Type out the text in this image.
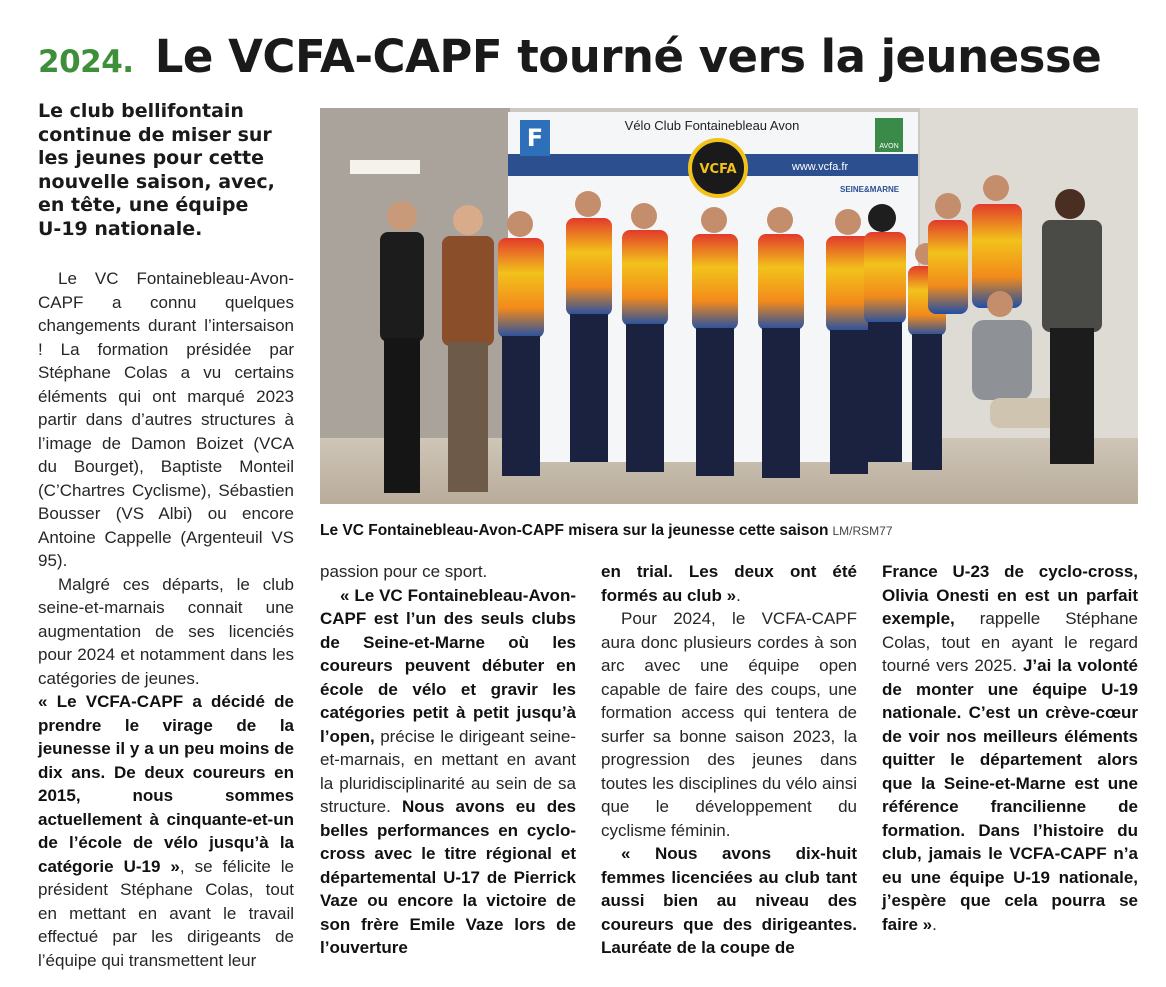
2024. Le VCFA-CAPF tourné vers la jeunesse
Le club bellifontain continue de miser sur les jeunes pour cette nouvelle saison, avec, en tête, une équipe U-19 nationale.
F	Vélo Club Fontainebleau Avon
www.vcfa.fr
SEINE&MARNE
VCFA
AVON
Le VC Fontainebleau-Avon-CAPF misera sur la jeunesse cette saison LM/RSM77

Le VC Fontainebleau-Avon-CAPF a connu quelques changements durant l’intersaison ! La formation présidée par Stéphane Colas a vu certains éléments qui ont marqué 2023 partir dans d’autres structures à l’image de Damon Boizet (VCA du Bourget), Baptiste Monteil (C’Chartres Cyclisme), Sébastien Bousser (VS Albi) ou encore Antoine Cappelle (Argenteuil VS 95).

Malgré ces départs, le club seine-et-marnais connait une augmentation de ses licenciés pour 2024 et notamment dans les catégories de jeunes.

« Le VCFA-CAPF a décidé de prendre le virage de la jeunesse il y a un peu moins de dix ans. De deux coureurs en 2015, nous sommes actuellement à cinquante-et-un de l’école de vélo jusqu’à la catégorie U-19 », se félicite le président Stéphane Colas, tout en mettant en avant le travail effectué par les dirigeants de l’équipe qui transmettent leur

passion pour ce sport.

« Le VC Fontainebleau-Avon-CAPF est l’un des seuls clubs de Seine-et-Marne où les coureurs peuvent débuter en école de vélo et gravir les catégories petit à petit jusqu’à l’open, précise le dirigeant seine-et-marnais, en mettant en avant la pluridisciplinarité au sein de sa structure. Nous avons eu des belles performances en cyclo-cross avec le titre régional et départemental U-17 de Pierrick Vaze ou encore la victoire de son frère Emile Vaze lors de l’ouverture

en trial. Les deux ont été formés au club ».

Pour 2024, le VCFA-CAPF aura donc plusieurs cordes à son arc avec une équipe open capable de faire des coups, une formation access qui tentera de surfer sa bonne saison 2023, la progression des jeunes dans toutes les disciplines du vélo ainsi que le développement du cyclisme féminin.

« Nous avons dix-huit femmes licenciées au club tant aussi bien au niveau des coureurs que des dirigeantes. Lauréate de la coupe de

France U-23 de cyclo-cross, Olivia Onesti en est un parfait exemple, rappelle Stéphane Colas, tout en ayant le regard tourné vers 2025. J’ai la volonté de monter une équipe U-19 nationale. C’est un crève-cœur de voir nos meilleurs éléments quitter le département alors que la Seine-et-Marne est une référence francilienne de formation. Dans l’histoire du club, jamais le VCFA-CAPF n’a eu une équipe U-19 nationale, j’espère que cela pourra se faire ».
